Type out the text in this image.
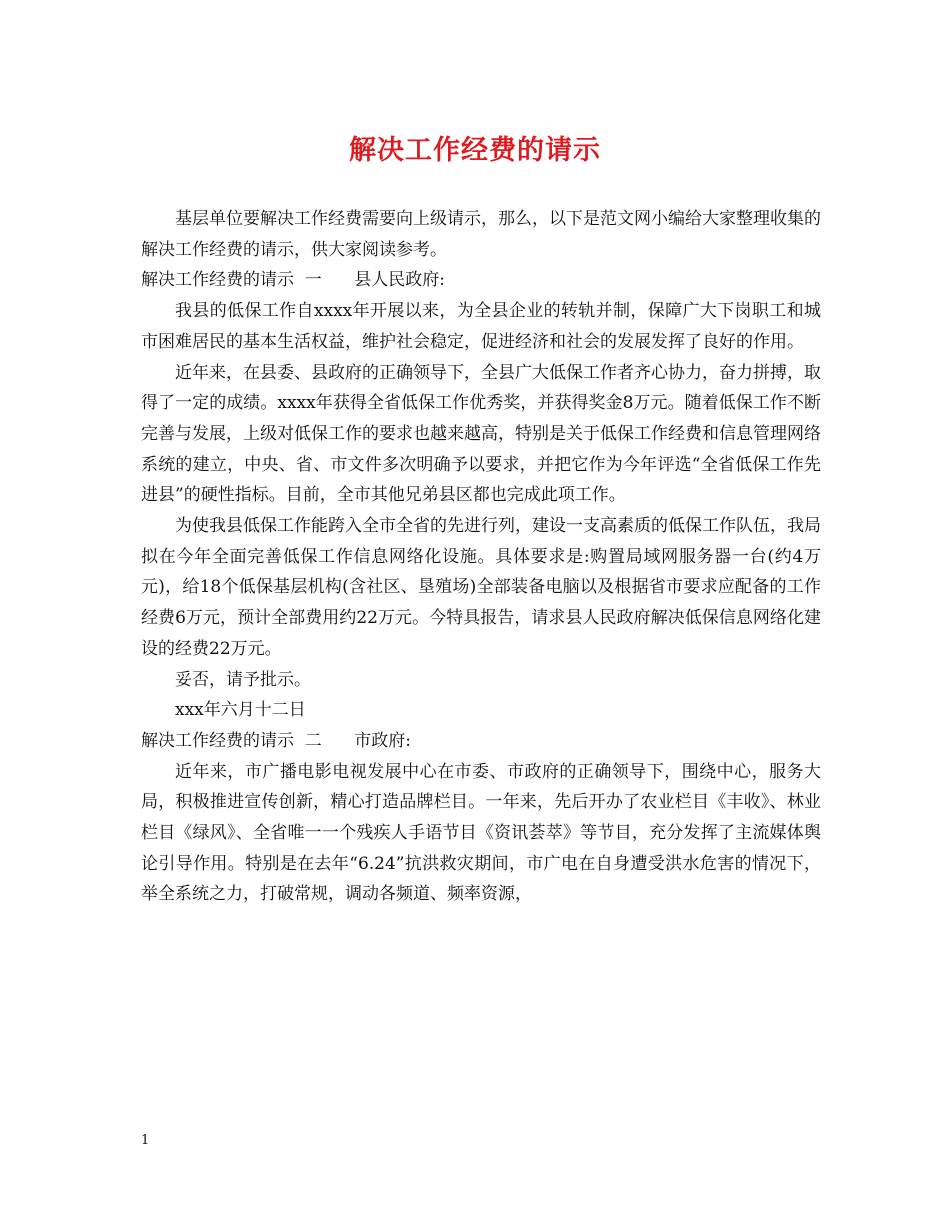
解决工作经费的请示

基层单位要解决工作经费需要向上级请示，那么，以下是范文网小编给大家整理收集的解决工作经费的请示，供大家阅读参考。

解决工作经费的请示  一      县人民政府:

我县的低保工作自xxxx年开展以来，为全县企业的转轨并制，保障广大下岗职工和城市困难居民的基本生活权益，维护社会稳定，促进经济和社会的发展发挥了良好的作用。

近年来，在县委、县政府的正确领导下，全县广大低保工作者齐心协力，奋力拼搏，取得了一定的成绩。xxxx年获得全省低保工作优秀奖，并获得奖金8万元。随着低保工作不断完善与发展，上级对低保工作的要求也越来越高，特别是关于低保工作经费和信息管理网络系统的建立，中央、省、市文件多次明确予以要求，并把它作为今年评选“全省低保工作先进县”的硬性指标。目前，全市其他兄弟县区都也完成此项工作。

为使我县低保工作能跨入全市全省的先进行列，建设一支高素质的低保工作队伍，我局拟在今年全面完善低保工作信息网络化设施。具体要求是:购置局域网服务器一台(约4万元)，给18个低保基层机构(含社区、垦殖场)全部装备电脑以及根据省市要求应配备的工作经费6万元，预计全部费用约22万元。今特具报告，请求县人民政府解决低保信息网络化建设的经费22万元。

妥否，请予批示。

xxx年六月十二日

解决工作经费的请示  二      市政府:

近年来，市广播电影电视发展中心在市委、市政府的正确领导下，围绕中心，服务大局，积极推进宣传创新，精心打造品牌栏目。一年来，先后开办了农业栏目《丰收》、林业栏目《绿风》、全省唯一一个残疾人手语节目《资讯荟萃》等节目，充分发挥了主流媒体舆论引导作用。特别是在去年“6.24”抗洪救灾期间，市广电在自身遭受洪水危害的情况下，举全系统之力，打破常规，调动各频道、频率资源，

1
